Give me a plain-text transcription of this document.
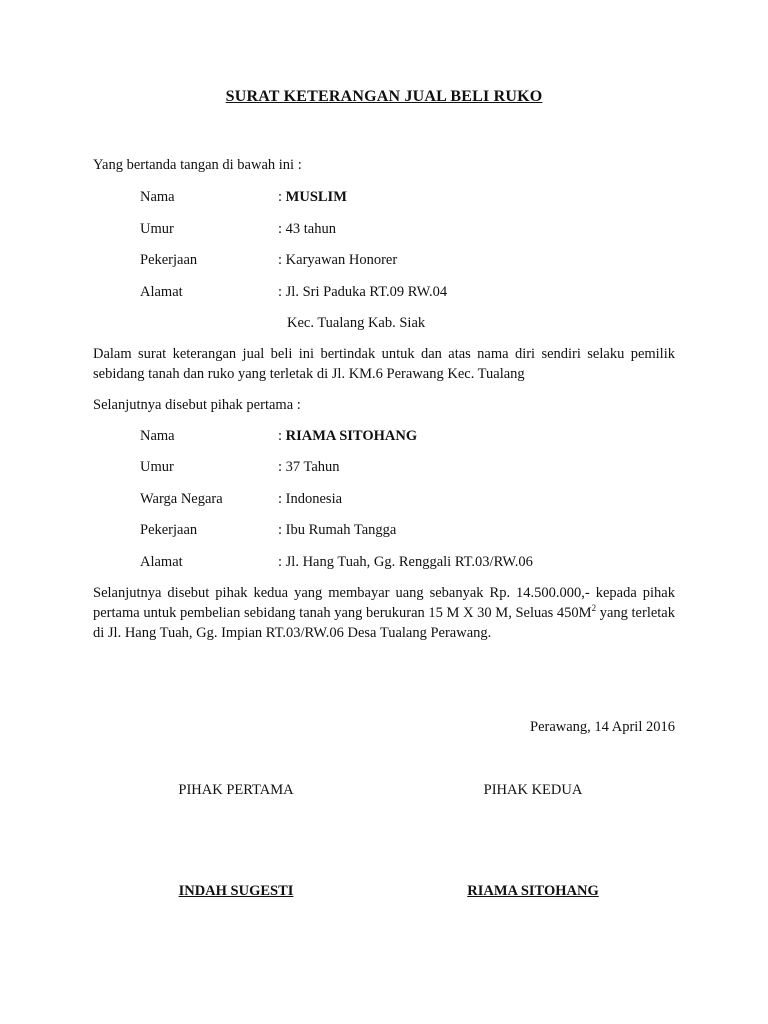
SURAT KETERANGAN JUAL BELI RUKO
Yang bertanda tangan di bawah ini :
Nama	: MUSLIM
Umur	: 43 tahun
Pekerjaan	: Karyawan Honorer
Alamat	: Jl. Sri Paduka RT.09 RW.04
Kec. Tualang Kab. Siak
Dalam surat keterangan jual beli ini bertindak untuk dan atas nama diri sendiri selaku pemilik sebidang tanah dan ruko yang terletak di Jl. KM.6 Perawang Kec. Tualang
Selanjutnya disebut pihak pertama :
Nama	: RIAMA SITOHANG
Umur	: 37 Tahun
Warga Negara	: Indonesia
Pekerjaan	: Ibu Rumah Tangga
Alamat	: Jl. Hang Tuah, Gg. Renggali RT.03/RW.06
Selanjutnya disebut pihak kedua yang membayar uang sebanyak Rp. 14.500.000,- kepada pihak pertama untuk pembelian sebidang tanah yang berukuran 15 M X 30 M, Seluas $450M^2$ yang terletak di Jl. Hang Tuah, Gg. Impian RT.03/RW.06 Desa Tualang Perawang.
Perawang, 14 April 2016
PIHAK PERTAMA	PIHAK KEDUA
INDAH SUGESTI	RIAMA SITOHANG
